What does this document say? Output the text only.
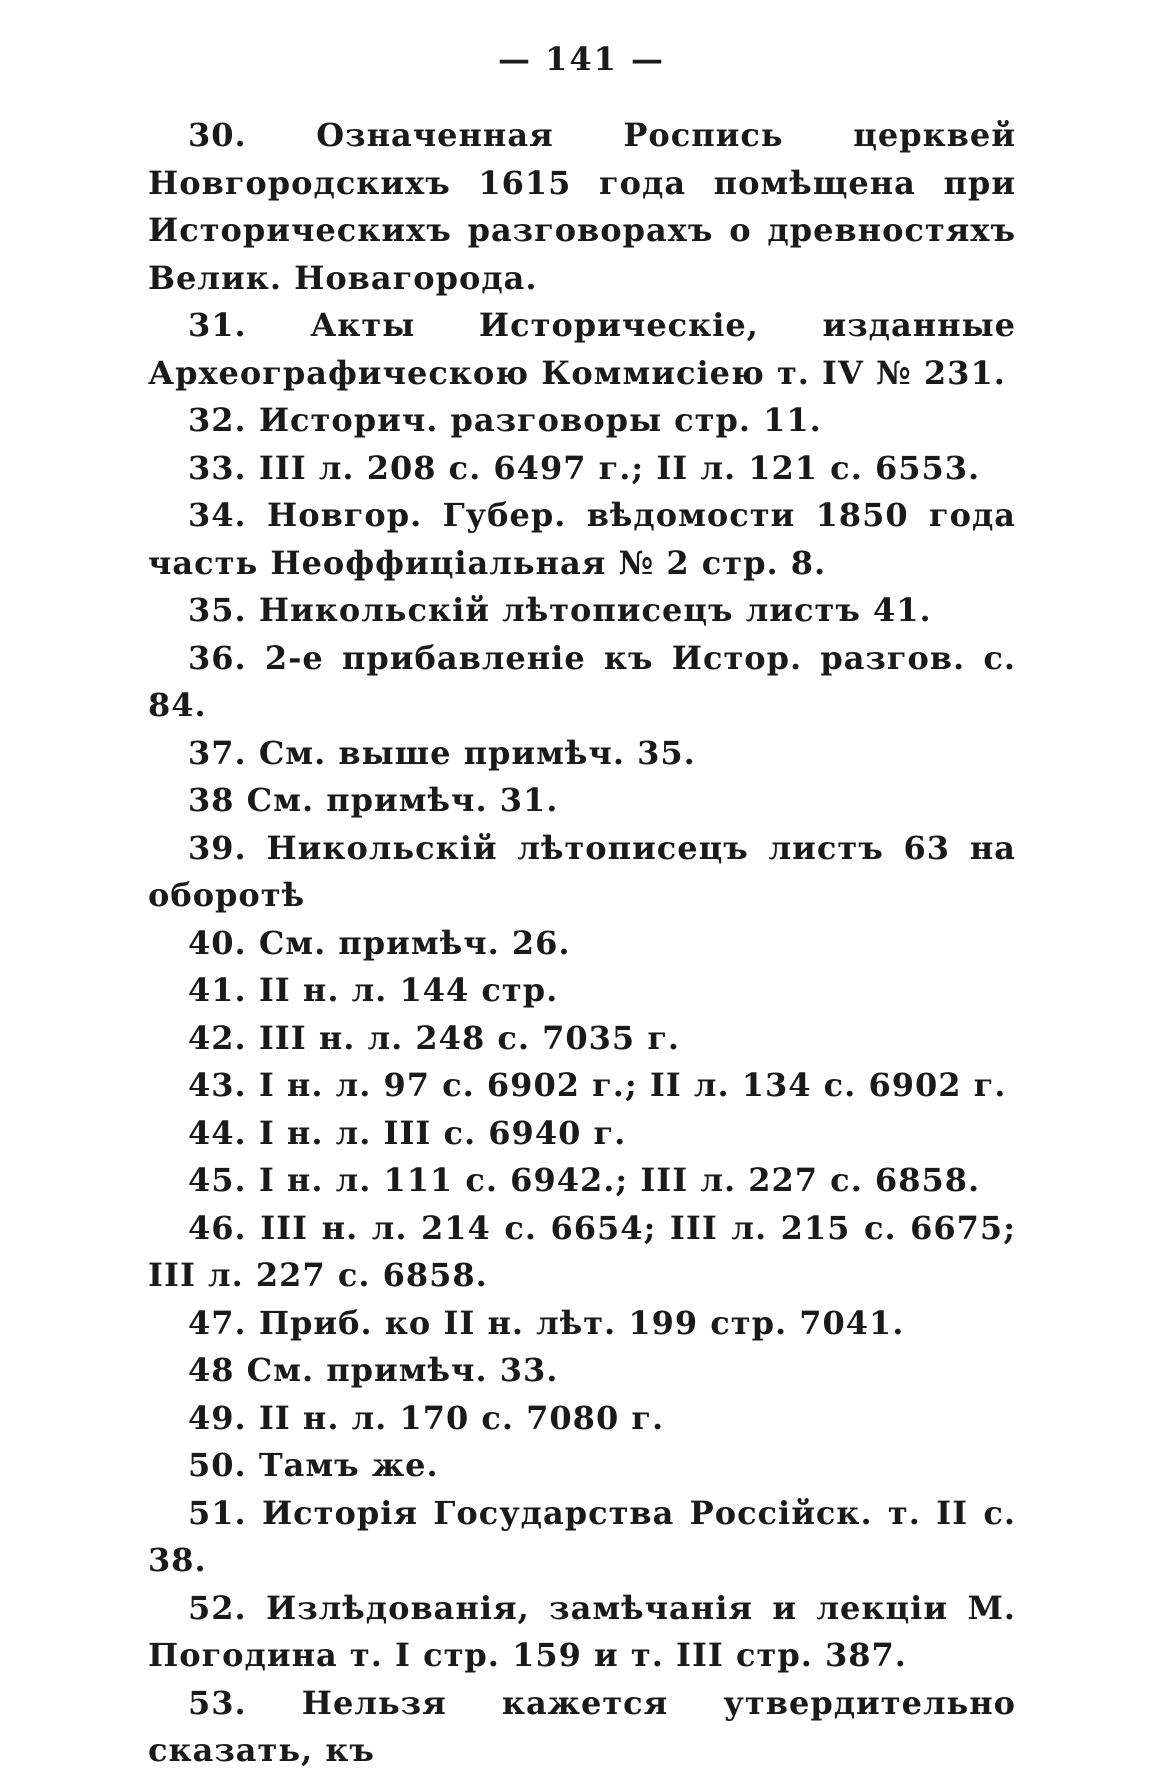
— 141 —
30. Означенная Роспись церквей Новгородскихъ 1615 года помѣщена при Историческихъ разговорахъ о древностяхъ Велик. Новагорода.
31. Акты Историческіе, изданные Археографическою Коммисіею т. IV № 231.
32. Историч. разговоры стр. 11.
33. III л. 208 с. 6497 г.; II л. 121 с. 6553.
34. Новгор. Губер. вѣдомости 1850 года часть Неоффиціальная № 2 стр. 8.
35. Никольскій лѣтописецъ листъ 41.
36. 2-е прибавленіе къ Истор. разгов. с. 84.
37. См. выше примѣч. 35.
38 См. примѣч. 31.
39. Никольскій лѣтописецъ листъ 63 на оборотѣ
40. См. примѣч. 26.
41. II н. л. 144 стр.
42. III н. л. 248 с. 7035 г.
43. I н. л. 97 с. 6902 г.; II л. 134 с. 6902 г.
44. I н. л. III с. 6940 г.
45. I н. л. 111 с. 6942.; III л. 227 с. 6858.
46. III н. л. 214 с. 6654; III л. 215 с. 6675; III л. 227 с. 6858.
47. Приб. ко II н. лѣт. 199 стр. 7041.
48 См. примѣч. 33.
49. II н. л. 170 с. 7080 г.
50. Тамъ же.
51. Исторія Государства Россійск. т. II с. 38.
52. Излѣдованія, замѣчанія и лекціи М. Погодина т. I стр. 159 и т. III стр. 387.
53. Нельзя кажется утвердительно сказать, къ
